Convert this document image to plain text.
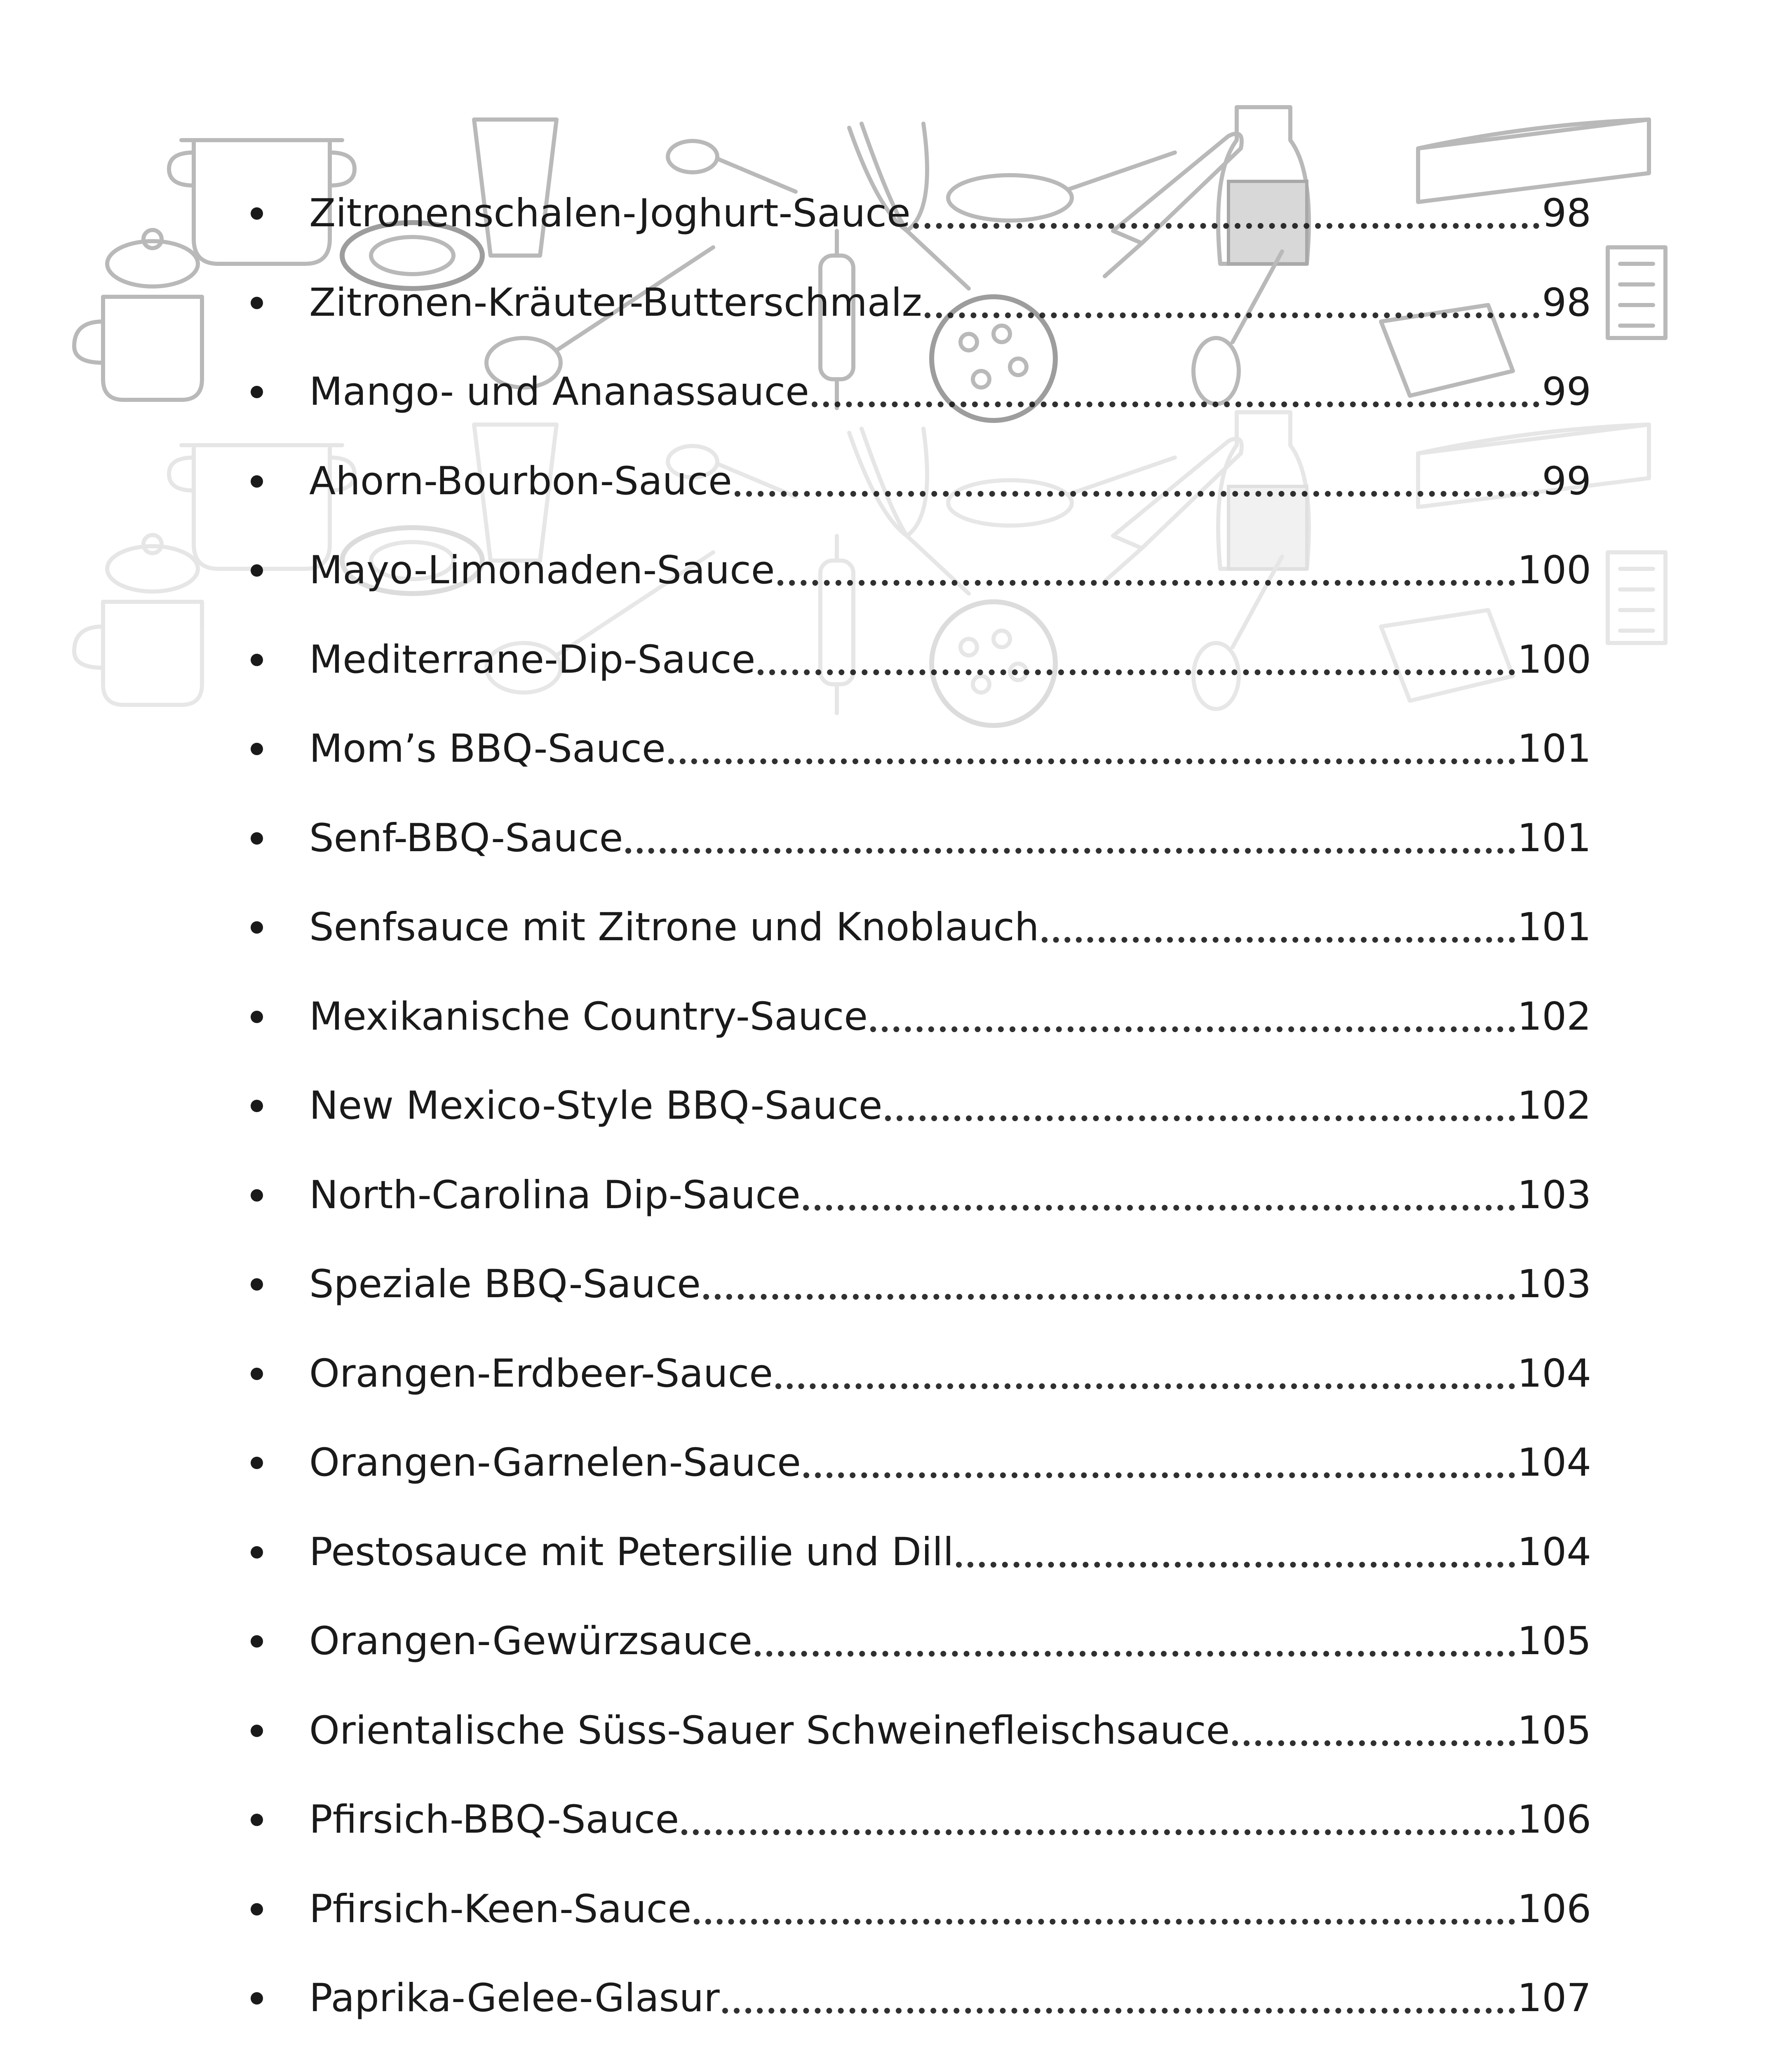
Zitronenschalen-Joghurt-Sauce	98
Zitronen-Kräuter-Butterschmalz	98
Mango- und Ananassauce	99
Ahorn-Bourbon-Sauce	99
Mayo-Limonaden-Sauce	100
Mediterrane-Dip-Sauce	100
Mom’s BBQ-Sauce	101
Senf-BBQ-Sauce	101
Senfsauce mit Zitrone und Knoblauch	101
Mexikanische Country-Sauce	102
New Mexico-Style BBQ-Sauce	102
North-Carolina Dip-Sauce	103
Speziale BBQ-Sauce	103
Orangen-Erdbeer-Sauce	104
Orangen-Garnelen-Sauce	104
Pestosauce mit Petersilie und Dill	104
Orangen-Gewürzsauce	105
Orientalische Süss-Sauer Schweinefleischsauce	105
Pfirsich-BBQ-Sauce	106
Pfirsich-Keen-Sauce	106
Paprika-Gelee-Glasur	107
